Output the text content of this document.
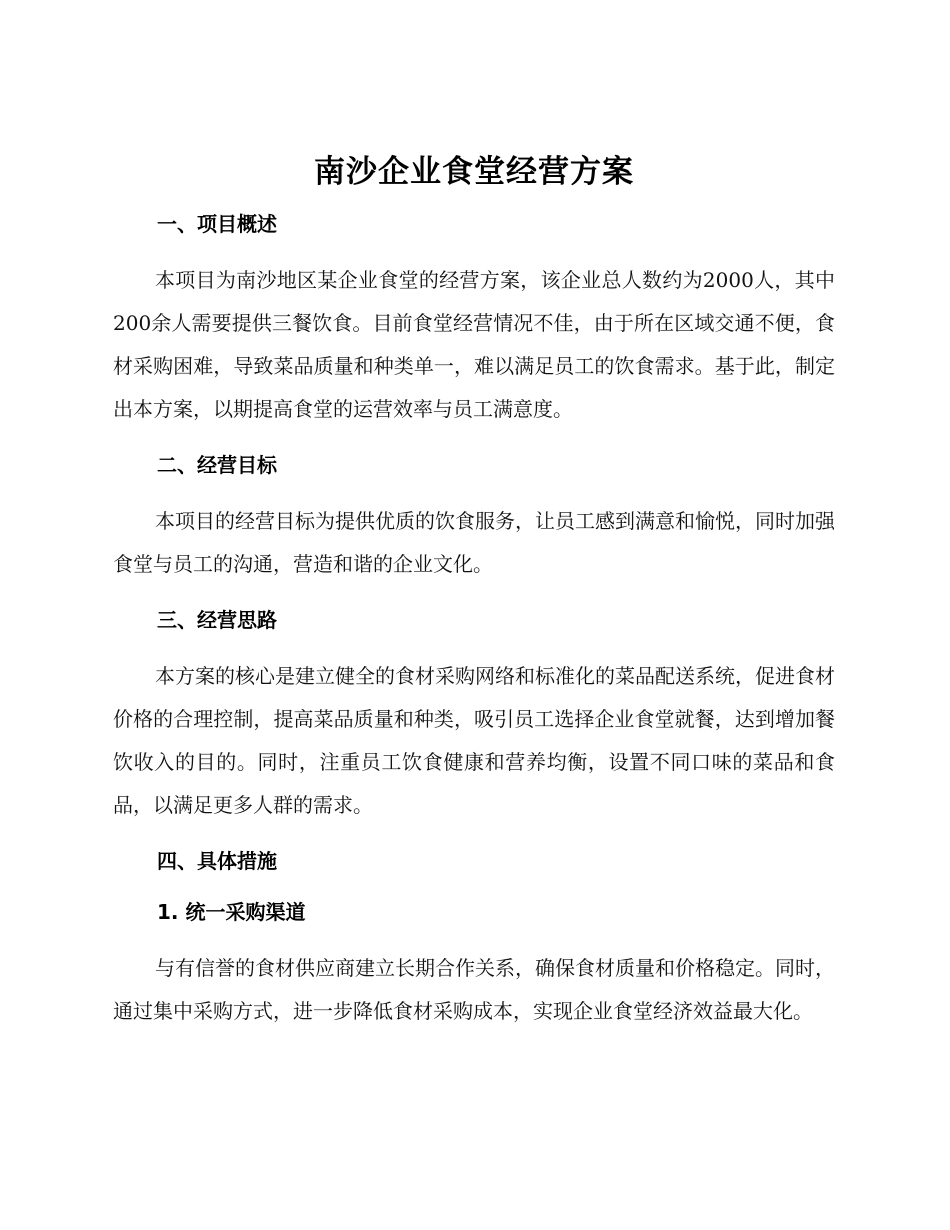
南沙企业食堂经营方案
一、项目概述

本项目为南沙地区某企业食堂的经营方案，该企业总人数约为2000人，其中200余人需要提供三餐饮食。目前食堂经营情况不佳，由于所在区域交通不便，食材采购困难，导致菜品质量和种类单一，难以满足员工的饮食需求。基于此，制定出本方案，以期提高食堂的运营效率与员工满意度。

二、经营目标

本项目的经营目标为提供优质的饮食服务，让员工感到满意和愉悦，同时加强食堂与员工的沟通，营造和谐的企业文化。

三、经营思路

本方案的核心是建立健全的食材采购网络和标准化的菜品配送系统，促进食材价格的合理控制，提高菜品质量和种类，吸引员工选择企业食堂就餐，达到增加餐饮收入的目的。同时，注重员工饮食健康和营养均衡，设置不同口味的菜品和食品，以满足更多人群的需求。

四、具体措施
1. 统一采购渠道

与有信誉的食材供应商建立长期合作关系，确保食材质量和价格稳定。同时，通过集中采购方式，进一步降低食材采购成本，实现企业食堂经济效益最大化。
